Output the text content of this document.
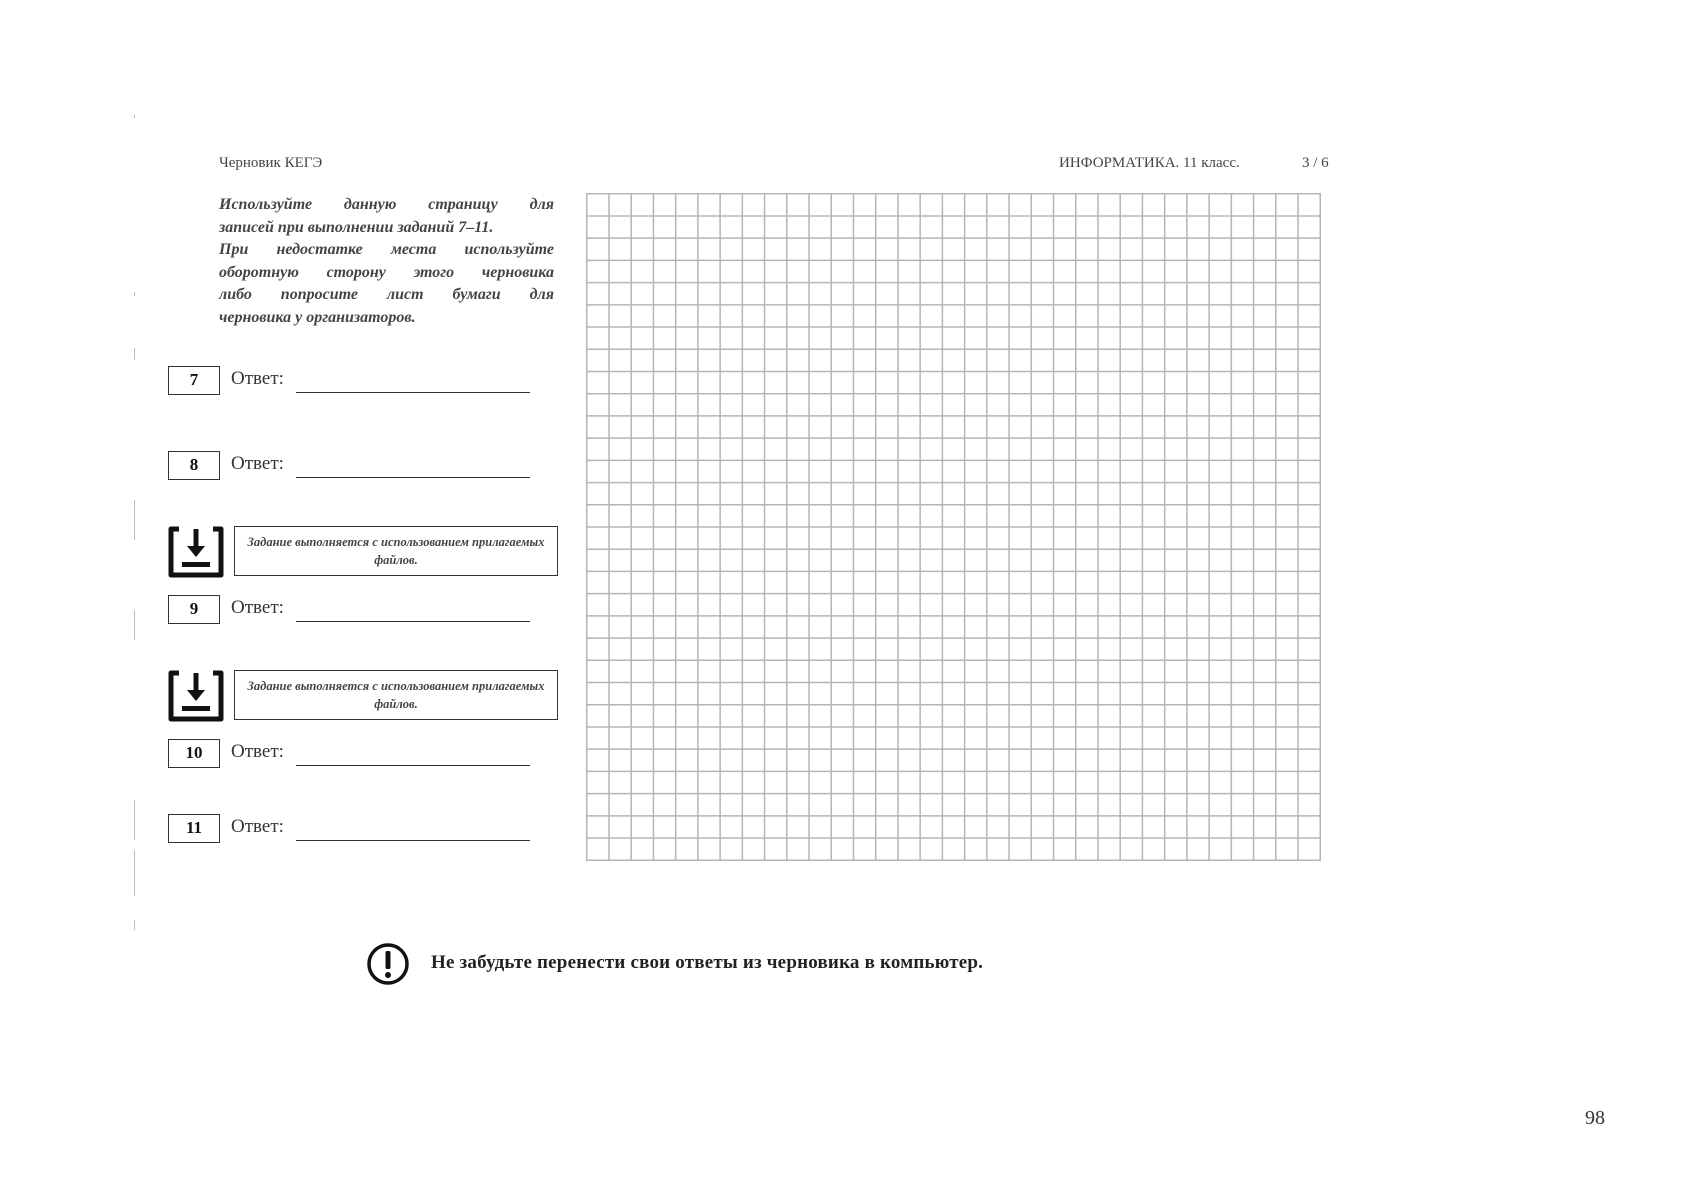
Черновик КЕГЭ	ИНФОРМАТИКА. 11 класс.	3 / 6
Используйте данную страницу для
записей при выполнении заданий 7–11.
При недостатке места используйте
оборотную сторону этого черновика
либо попросите лист бумаги для
черновика у организаторов.
7	Ответ:
8	Ответ:
Задание выполняется с использованием прилагаемых файлов.
9	Ответ:
Задание выполняется с использованием прилагаемых файлов.
10	Ответ:
11	Ответ:
Не забудьте перенести свои ответы из черновика в компьютер.
98
